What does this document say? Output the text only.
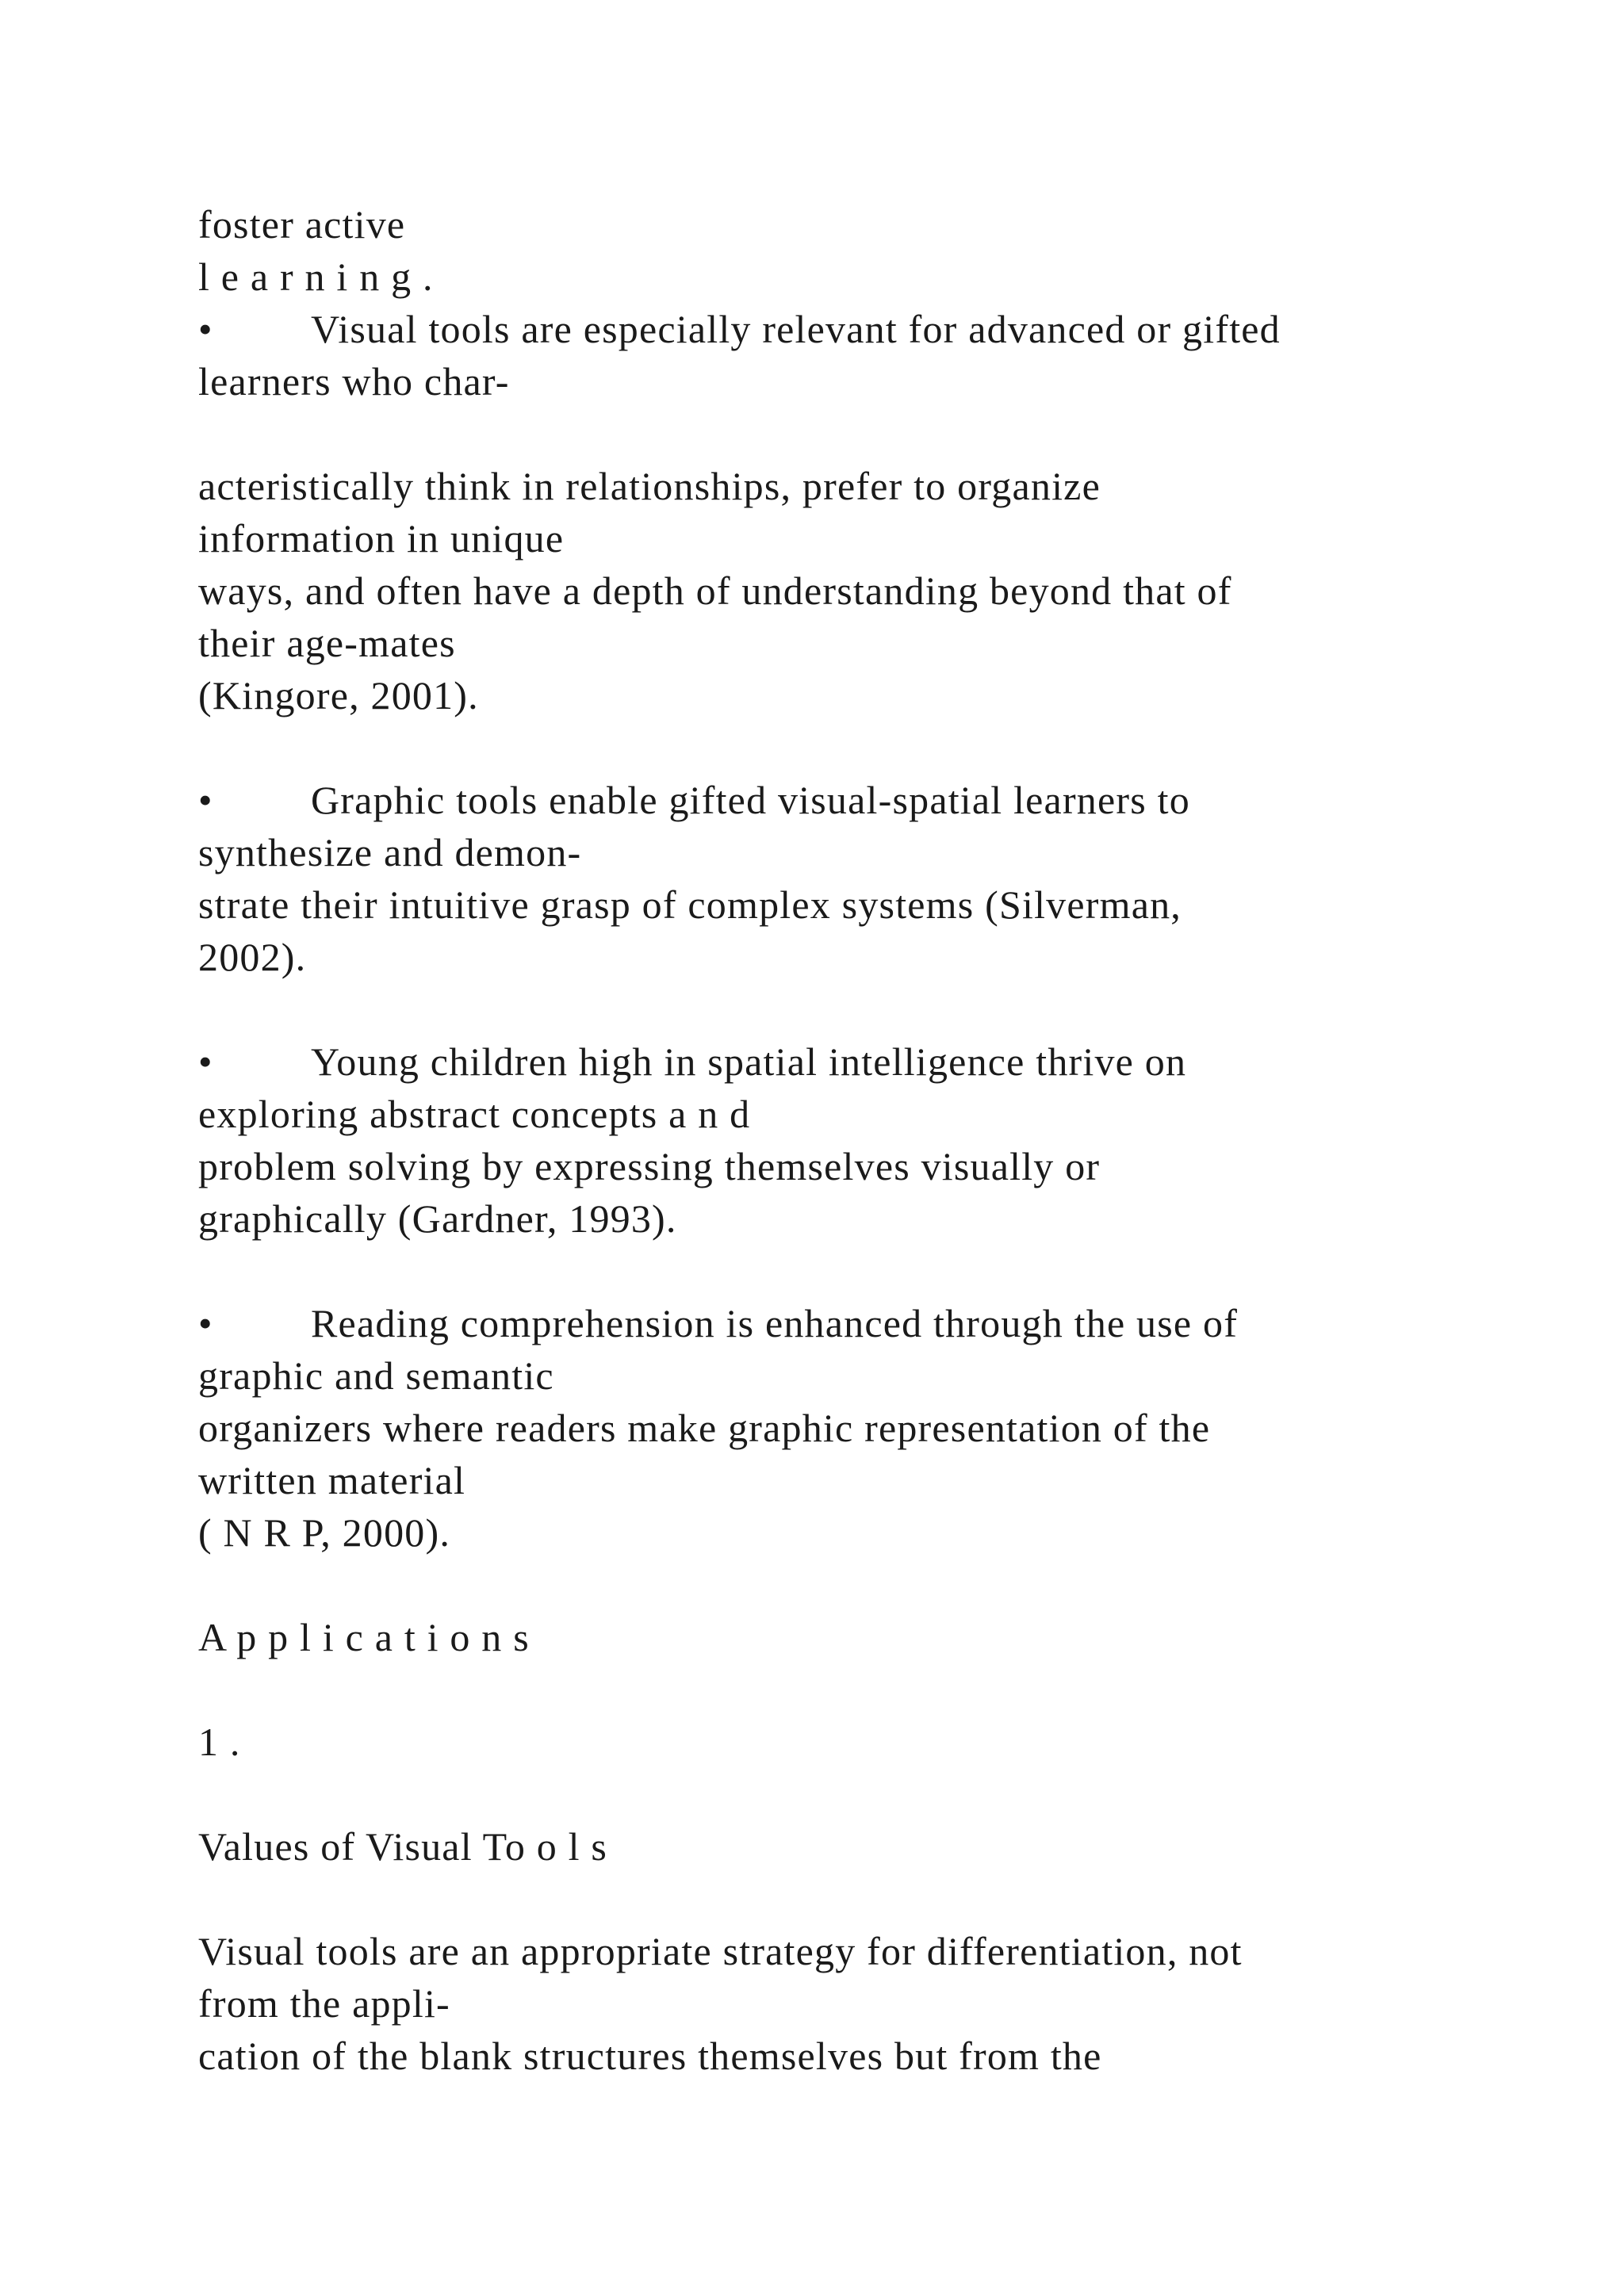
foster active

l e a r n i n g .

• Visual tools are especially relevant for advanced or gifted

learners who char-

acteristically think in relationships, prefer to organize

information in unique

ways, and often have a depth of understanding beyond that of

their age-mates

(Kingore, 2001).

• Graphic tools enable gifted visual-spatial learners to

synthesize and demon-

strate their intuitive grasp of complex systems (Silverman,

2002).

• Young children high in spatial intelligence thrive on

exploring abstract concepts a n d

problem solving by expressing themselves visually or

graphically (Gardner, 1993).

• Reading comprehension is enhanced through the use of

graphic and semantic

organizers where readers make graphic representation of the

written material

( N R P, 2000).

A p p l i c a t i o n s

1 .

Values of Visual To o l s

Visual tools are an appropriate strategy for differentiation, not

from the appli-

cation of the blank structures themselves but from the
